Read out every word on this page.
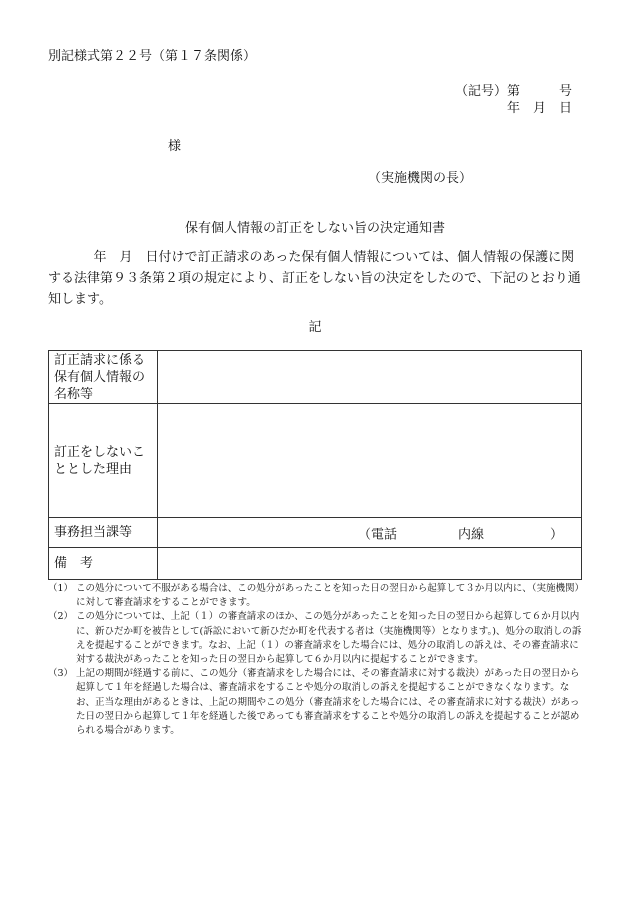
別記様式第２２号（第１７条関係）
（記号）第　　　号
年　月　日
様
（実施機関の長）
保有個人情報の訂正をしない旨の決定通知書
年　月　日付けで訂正請求のあった保有個人情報については、個人情報の保護に関する法律第９３条第２項の規定により、訂正をしない旨の決定をしたので、下記のとおり通知します。
記
訂正請求に係る保有個人情報の名称等	
訂正をしないこととした理由	
事務担当課等	（電話 内線 ）

備　考	
（1） この処分について不服がある場合は、この処分があったことを知った日の翌日から起算して３か月以内に、（実施機関）に対して審査請求をすることができます。
（2） この処分については、上記（１）の審査請求のほか、この処分があったことを知った日の翌日から起算して６か月以内に、新ひだか町を被告として(訴訟において新ひだか町を代表する者は（実施機関等）となります。)、処分の取消しの訴えを提起することができます。なお、上記（１）の審査請求をした場合には、処分の取消しの訴えは、その審査請求に対する裁決があったことを知った日の翌日から起算して６か月以内に提起することができます。
（3） 上記の期間が経過する前に、この処分（審査請求をした場合には、その審査請求に対する裁決）があった日の翌日から起算して１年を経過した場合は、審査請求をすることや処分の取消しの訴えを提起することができなくなります。なお、正当な理由があるときは、上記の期間やこの処分（審査請求をした場合には、その審査請求に対する裁決）があった日の翌日から起算して１年を経過した後であっても審査請求をすることや処分の取消しの訴えを提起することが認められる場合があります。
